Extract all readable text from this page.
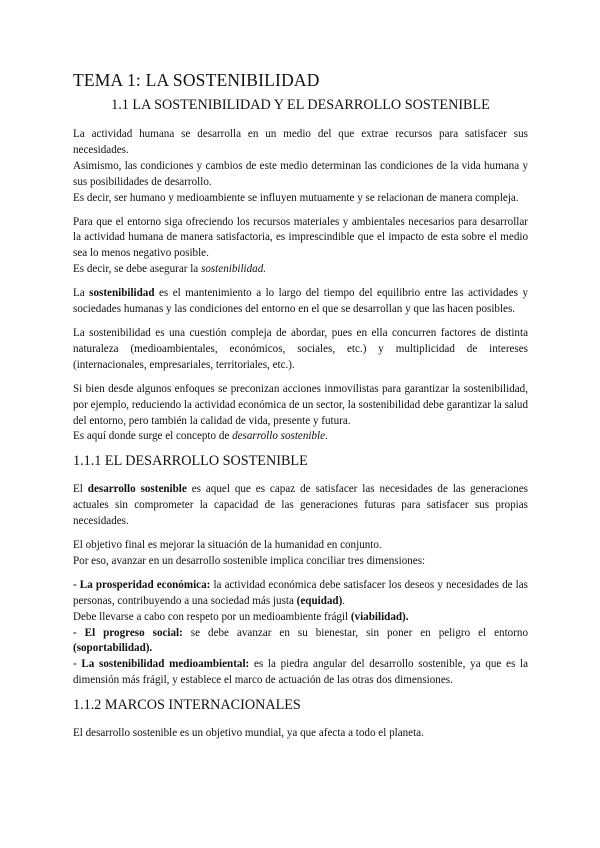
TEMA 1: LA SOSTENIBILIDAD
1.1 LA SOSTENIBILIDAD Y EL DESARROLLO SOSTENIBLE

La actividad humana se desarrolla en un medio del que extrae recursos para satisfacer sus necesidades.
Asimismo, las condiciones y cambios de este medio determinan las condiciones de la vida humana y sus posibilidades de desarrollo.
Es decir, ser humano y medioambiente se influyen mutuamente y se relacionan de manera compleja.

Para que el entorno siga ofreciendo los recursos materiales y ambientales necesarios para desarrollar la actividad humana de manera satisfactoria, es imprescindible que el impacto de esta sobre el medio sea lo menos negativo posible.
Es decir, se debe asegurar la sostenibilidad.

La sostenibilidad es el mantenimiento a lo largo del tiempo del equilibrio entre las actividades y sociedades humanas y las condiciones del entorno en el que se desarrollan y que las hacen posibles.

La sostenibilidad es una cuestión compleja de abordar, pues en ella concurren factores de distinta naturaleza (medioambientales, económicos, sociales, etc.) y multiplicidad de intereses (internacionales, empresariales, territoriales, etc.).

Si bien desde algunos enfoques se preconizan acciones inmovilistas para garantizar la sostenibilidad, por ejemplo, reduciendo la actividad económica de un sector, la sostenibilidad debe garantizar la salud del entorno, pero también la calidad de vida, presente y futura.
Es aquí donde surge el concepto de desarrollo sostenible.

1.1.1 EL DESARROLLO SOSTENIBLE

El desarrollo sostenible es aquel que es capaz de satisfacer las necesidades de las generaciones actuales sin comprometer la capacidad de las generaciones futuras para satisfacer sus propias necesidades.

El objetivo final es mejorar la situación de la humanidad en conjunto.
Por eso, avanzar en un desarrollo sostenible implica conciliar tres dimensiones:

- La prosperidad económica: la actividad económica debe satisfacer los deseos y necesidades de las personas, contribuyendo a una sociedad más justa (equidad).
Debe llevarse a cabo con respeto por un medioambiente frágil (viabilidad).
- El progreso social: se debe avanzar en su bienestar, sin poner en peligro el entorno (soportabilidad).
- La sostenibilidad medioambiental: es la piedra angular del desarrollo sostenible, ya que es la dimensión más frágil, y establece el marco de actuación de las otras dos dimensiones.

1.1.2 MARCOS INTERNACIONALES

El desarrollo sostenible es un objetivo mundial, ya que afecta a todo el planeta.
